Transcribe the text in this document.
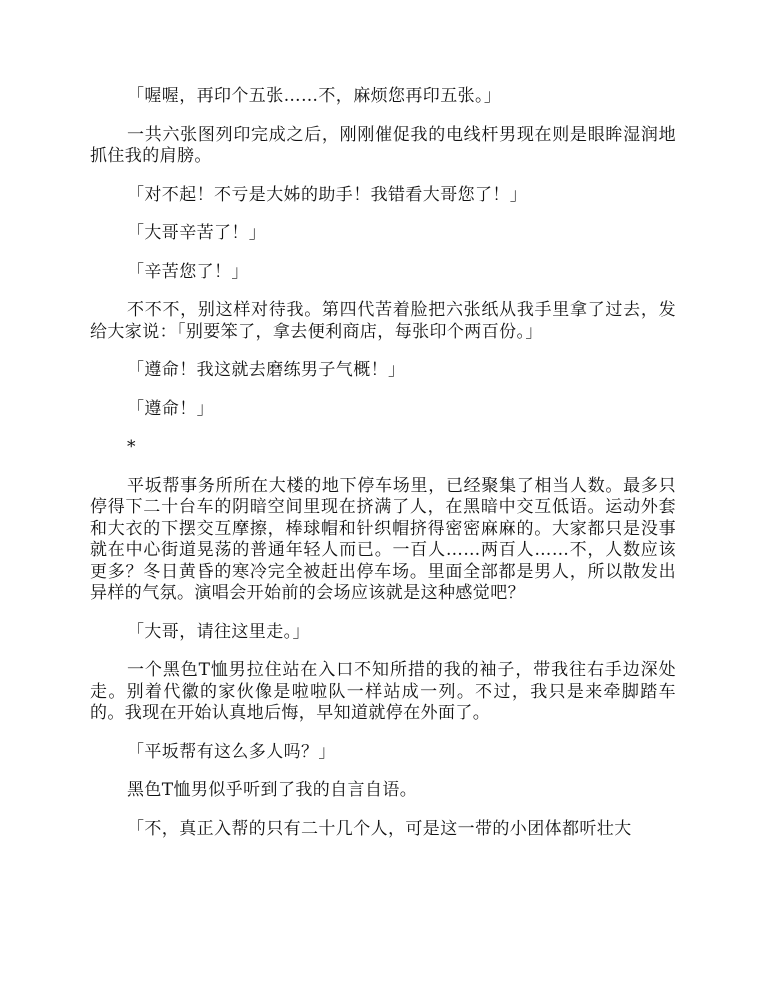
「喔喔，再印个五张……不，麻烦您再印五张。」

一共六张图列印完成之后，刚刚催促我的电线杆男现在则是眼眸湿润地抓住我的肩膀。

「对不起！不亏是大姊的助手！我错看大哥您了！」

「大哥辛苦了！」

「辛苦您了！」

不不不，别这样对待我。第四代苦着脸把六张纸从我手里拿了过去，发给大家说：「别要笨了，拿去便利商店，每张印个两百份。」

「遵命！我这就去磨练男子气概！」

「遵命！」

*

平坂帮事务所所在大楼的地下停车场里，已经聚集了相当人数。最多只停得下二十台车的阴暗空间里现在挤满了人，在黑暗中交互低语。运动外套和大衣的下摆交互摩擦，棒球帽和针织帽挤得密密麻麻的。大家都只是没事就在中心街道晃荡的普通年轻人而已。一百人……两百人……不，人数应该更多？冬日黄昏的寒冷完全被赶出停车场。里面全部都是男人，所以散发出异样的气氛。演唱会开始前的会场应该就是这种感觉吧？

「大哥，请往这里走。」

一个黑色T恤男拉住站在入口不知所措的我的袖子，带我往右手边深处走。别着代徽的家伙像是啦啦队一样站成一列。不过，我只是来牵脚踏车的。我现在开始认真地后悔，早知道就停在外面了。

「平坂帮有这么多人吗？」

黑色T恤男似乎听到了我的自言自语。

「不，真正入帮的只有二十几个人，可是这一带的小团体都听壮大
